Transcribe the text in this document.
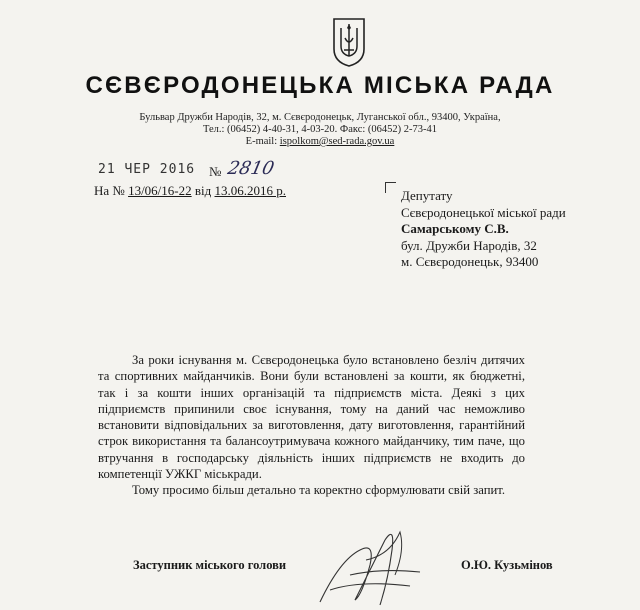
СЄВЄРОДОНЕЦЬКА МІСЬКА РАДА
Бульвар Дружби Народів, 32, м. Сєвєродонецьк, Луганської обл., 93400, Україна,
Тел.: (06452) 4-40-31, 4-03-20. Факс: (06452) 2-73-41
E-mail: ispolkom@sed-rada.gov.ua
21 ЧЕР 2016 № 2810
На № 13/06/16-22 від 13.06.2016 р.	Депутату
Сєвєродонецької міської ради
Самарському С.В.
бул. Дружби Народів, 32
м. Сєвєродонецьк, 93400

За роки існування м. Сєвєродонецька було встановлено безліч дитячих та спортивних майданчиків. Вони були встановлені за кошти, як бюджетні, так і за кошти інших організацій та підприємств міста. Деякі з цих підприємств припинили своє існування, тому на даний час неможливо встановити відповідальних за виготовлення, дату виготовлення, гарантійний строк використання та балансоутримувача кожного майданчику, тим паче, що втручання в господарську діяльність інших підприємств не входить до компетенції УЖКГ міськради.

Тому просимо більш детально та коректно сформулювати свій запит.

Заступник міського голови	О.Ю. Кузьмінов
